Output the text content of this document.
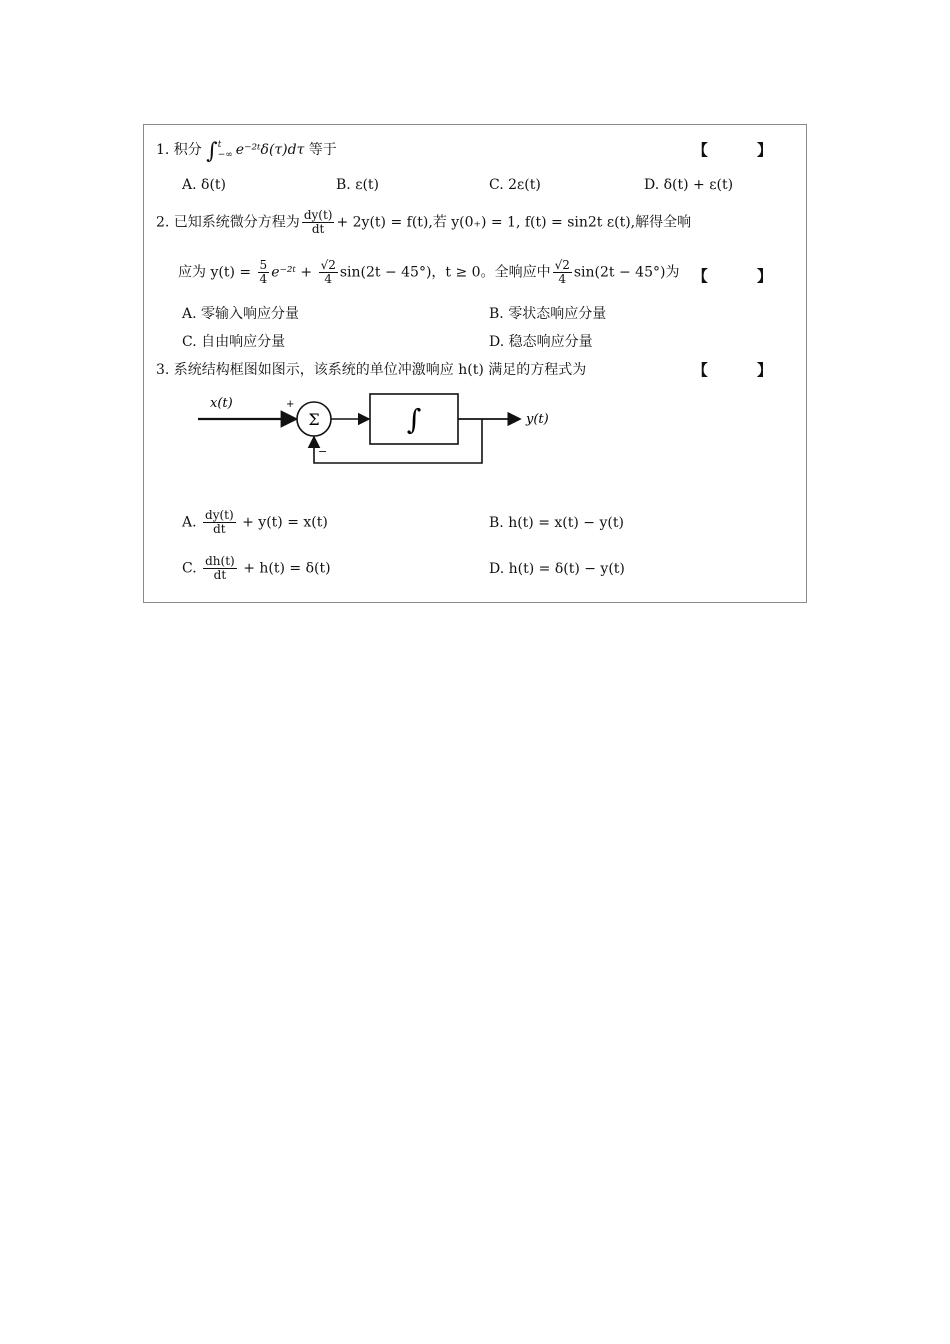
1. 积分 ∫ t
−∞ e⁻²ᵗδ(τ)dτ 等于	【 】
A. δ(t)	B. ε(t)	C. 2ε(t)	D. δ(t) + ε(t)
2. 已知系统微分方程为 $\frac{dy(t)}{dt} + 2y(t) = f(t)$,若 y(0₊) = 1, f(t) = sin2t ε(t),解得全响
应为 $y(t) = \frac{5}{4}$ e⁻²ᵗ + $\frac{√2}{4} \sin(2t - 45^\circ)$，t ≥ 0。全响应中 $\frac{√2}{4} \sin(2t - 45^\circ)$为 【 】
A. 零输入响应分量	B. 零状态响应分量
C. 自由响应分量	D. 稳态响应分量
3. 系统结构框图如图示，该系统的单位冲激响应 h(t) 满足的方程式为	【 】
x(t)	+
Σ	∫	y(t)
−
A. $\frac{dy(t)}{dt} + y(t) = x(t)$	B. h(t) = x(t) − y(t)
C. $\frac{dh(t)}{dt} + h(t) = \delta(t)$	D. h(t) = δ(t) − y(t)
